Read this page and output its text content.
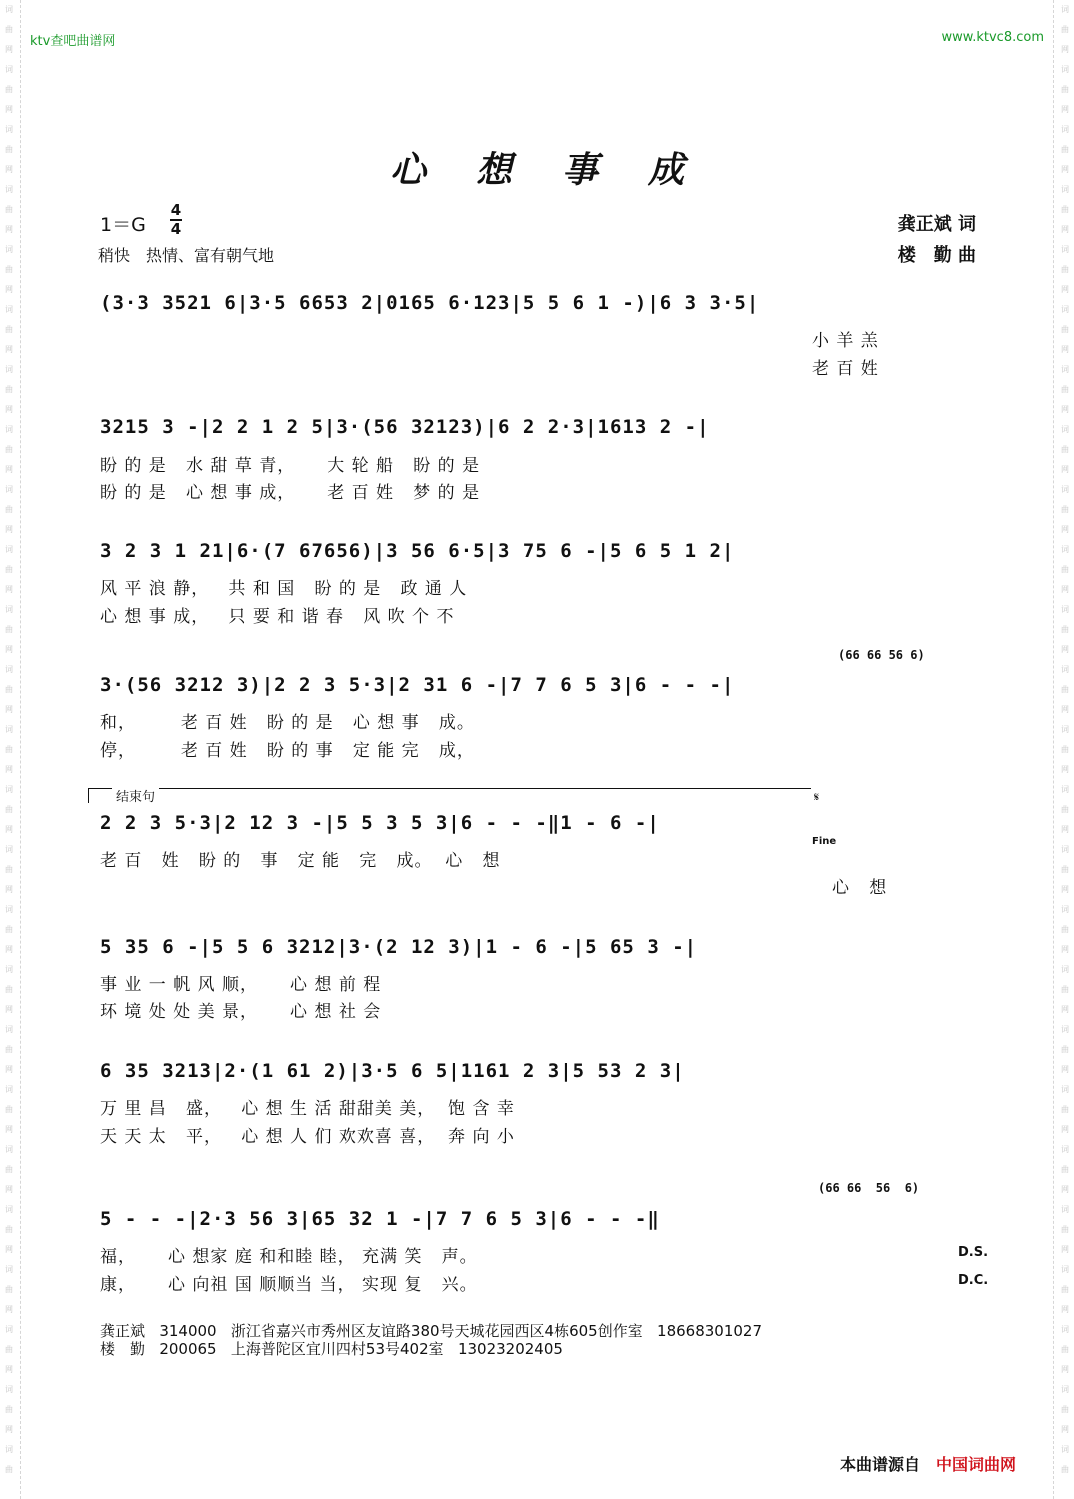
词
曲
网
词
曲
网
词
曲
网
词
曲
网
词
曲
网
词
曲
网
词
曲
网
词
曲
网
词
曲
网
词
曲
网
词
曲
网
词
曲
网
词
曲
网
词
曲
网
词
曲
网
词
曲
网
词
曲
网
词
曲
网
词
曲
网
词
曲
网
词
曲
网
词
曲
网
词
曲
网
词
曲
网
词
曲
词
曲
网
词
曲
网
词
曲
网
词
曲
网
词
曲
网
词
曲
网
词
曲
网
词
曲
网
词
曲
网
词
曲
网
词
曲
网
词
曲
网
词
曲
网
词
曲
网
词
曲
网
词
曲
网
词
曲
网
词
曲
网
词
曲
网
词
曲
网
词
曲
网
词
曲
网
词
曲
网
词
曲
网
词
曲
ktv查吧曲谱网	www.ktvc8.com
心想事成
1＝G
4
4
稍快　热情、富有朝气地
龚正斌 词
楼　勤 曲
(3·3 3521 6|3·5 6653 2|0165 6·123|5 5 6 1 -)|6 3 3·5|
小 羊 羔
老 百 姓
3215 3 -|2 2 1 2 5|3·(56 32123)|6 2 2·3|1613 2 -|
盼 的 是   水 甜 草 青，     大 轮 船   盼 的 是
盼 的 是   心 想 事 成，     老 百 姓   梦 的 是
3 2 3 1 21|6·(7 67656)|3 56 6·5|3 75 6 -|5 6 5 1 2|
风 平 浪 静，   共 和 国   盼 的 是   政 通 人
心 想 事 成，   只 要 和 谐 春   风 吹 个 不
(66 66 56 6)
3·(56 3212 3)|2 2 3 5·3|2 31 6 -|7 7 6 5 3|6 - - -|
和，       老 百 姓   盼 的 是   心 想 事   成。
停，       老 百 姓   盼 的 事   定 能 完   成，
结束句	𝄋
2 2 3 5·3|2 12 3 -|5 5 3 5 3|6 - - -‖1 - 6 -|
Fine
老 百   姓   盼 的   事   定 能   完   成。  心   想
心   想
5 35 6 -|5 5 6 3212|3·(2 12 3)|1 - 6 -|5 65 3 -|
事 业 一 帆 风 顺，     心 想 前 程
环 境 处 处 美 景，     心 想 社 会
6 35 3213|2·(1 61 2)|3·5 6 5|1161 2 3|5 53 2 3|
万 里 昌   盛，   心 想 生 活 甜甜美 美，  饱 含 幸
天 天 太   平，   心 想 人 们 欢欢喜 喜，  奔 向 小
(66 66  56  6)
5 - - -|2·3 56 3|65 32 1 -|7 7 6 5 3|6 - - -‖
福，     心 想家 庭 和和睦 睦， 充满 笑   声。
康，     心 向祖 国 顺顺当 当， 实现 复   兴。
D.S.
D.C.
龚正斌 314000 浙江省嘉兴市秀州区友谊路380号天城花园西区4栋605创作室 18668301027
楼　勤 200065 上海普陀区宜川四村53号402室 13023202405
本曲谱源自 中国词曲网
